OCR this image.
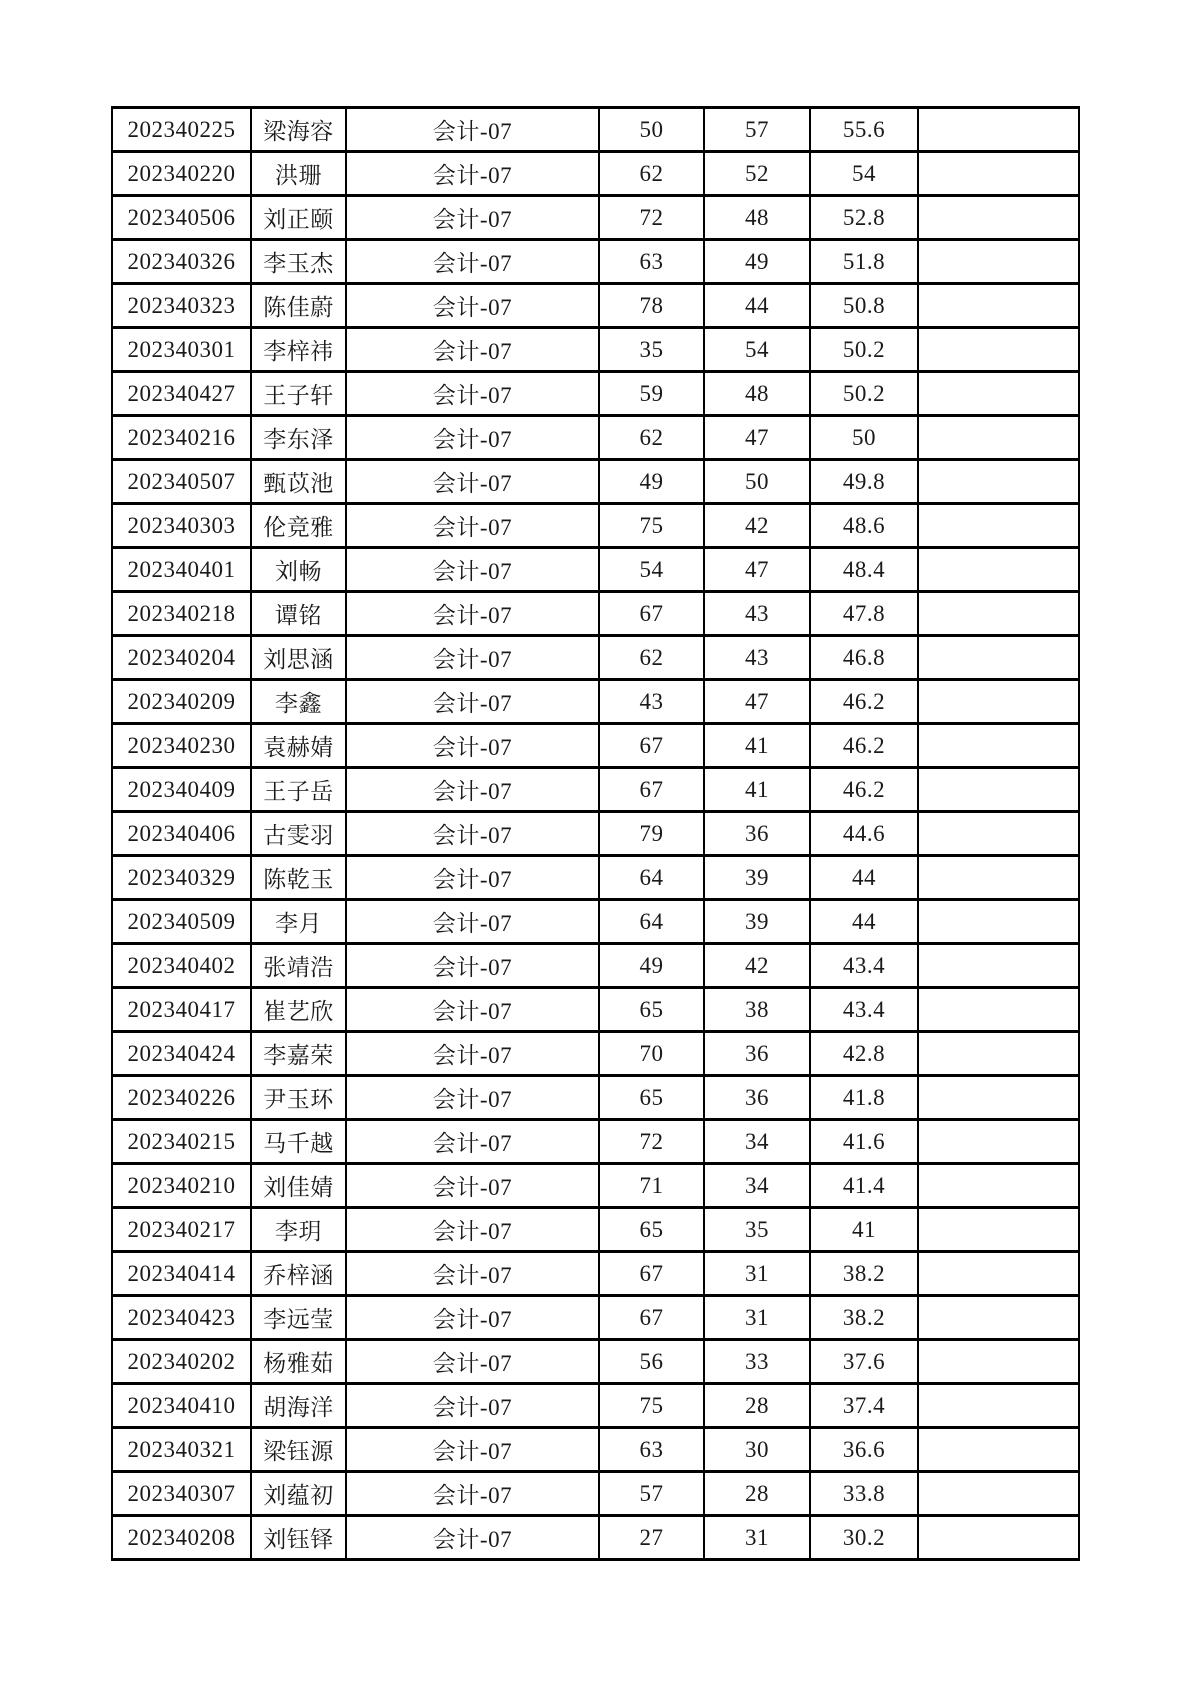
202340225	梁海容	会计-07	50	57	55.6	
202340220	洪珊	会计-07	62	52	54	
202340506	刘正颐	会计-07	72	48	52.8	
202340326	李玉杰	会计-07	63	49	51.8	
202340323	陈佳蔚	会计-07	78	44	50.8	
202340301	李梓祎	会计-07	35	54	50.2	
202340427	王子轩	会计-07	59	48	50.2	
202340216	李东泽	会计-07	62	47	50	
202340507	甄苡池	会计-07	49	50	49.8	
202340303	伦竞雅	会计-07	75	42	48.6	
202340401	刘畅	会计-07	54	47	48.4	
202340218	谭铭	会计-07	67	43	47.8	
202340204	刘思涵	会计-07	62	43	46.8	
202340209	李鑫	会计-07	43	47	46.2	
202340230	袁赫婧	会计-07	67	41	46.2	
202340409	王子岳	会计-07	67	41	46.2	
202340406	古雯羽	会计-07	79	36	44.6	
202340329	陈乾玉	会计-07	64	39	44	
202340509	李月	会计-07	64	39	44	
202340402	张靖浩	会计-07	49	42	43.4	
202340417	崔艺欣	会计-07	65	38	43.4	
202340424	李嘉荣	会计-07	70	36	42.8	
202340226	尹玉环	会计-07	65	36	41.8	
202340215	马千越	会计-07	72	34	41.6	
202340210	刘佳婧	会计-07	71	34	41.4	
202340217	李玥	会计-07	65	35	41	
202340414	乔梓涵	会计-07	67	31	38.2	
202340423	李远莹	会计-07	67	31	38.2	
202340202	杨雅茹	会计-07	56	33	37.6	
202340410	胡海洋	会计-07	75	28	37.4	
202340321	梁钰源	会计-07	63	30	36.6	
202340307	刘蕴初	会计-07	57	28	33.8	
202340208	刘钰铎	会计-07	27	31	30.2	
